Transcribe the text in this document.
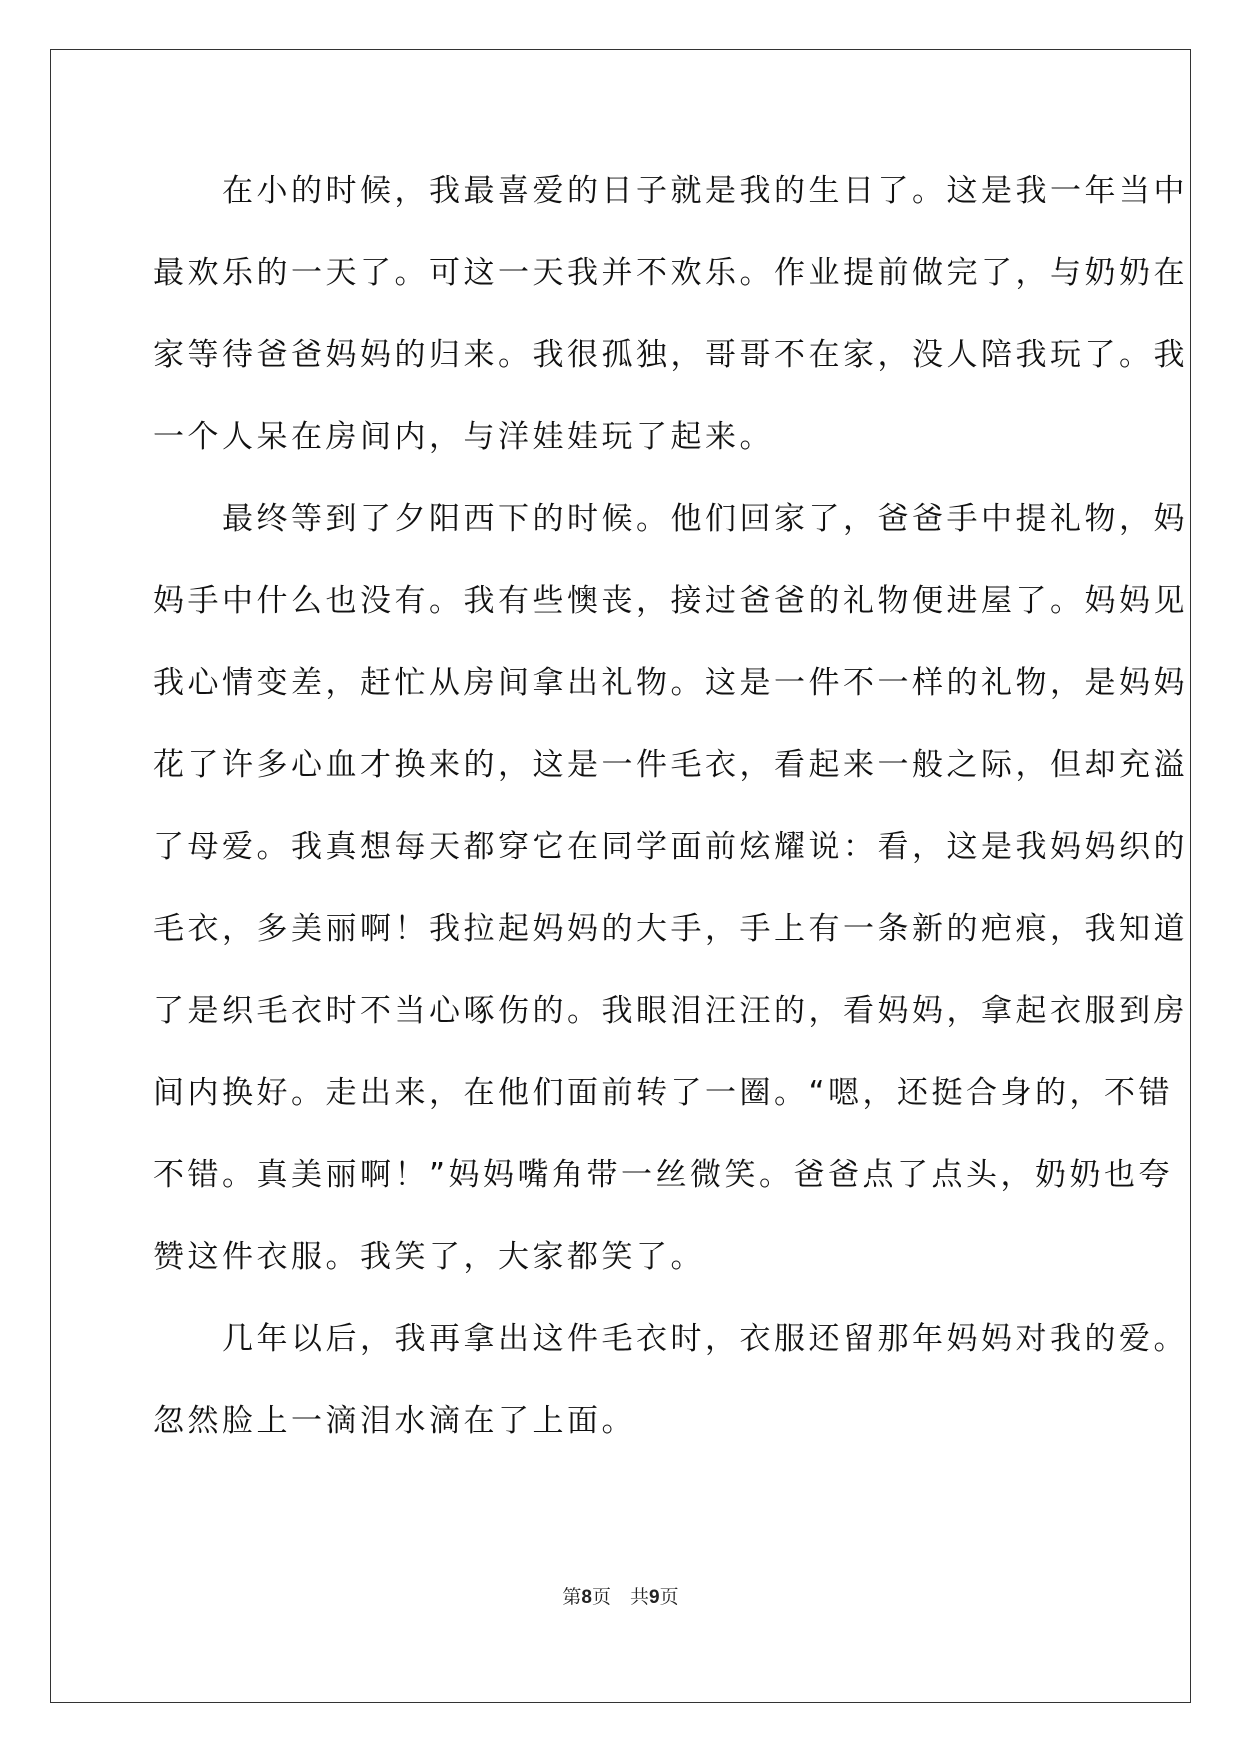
　　在小的时候，我最喜爱的日子就是我的生日了。这是我一年当中
最欢乐的一天了。可这一天我并不欢乐。作业提前做完了，与奶奶在
家等待爸爸妈妈的归来。我很孤独，哥哥不在家，没人陪我玩了。我
一个人呆在房间内，与洋娃娃玩了起来。
　　最终等到了夕阳西下的时候。他们回家了，爸爸手中提礼物，妈
妈手中什么也没有。我有些懊丧，接过爸爸的礼物便进屋了。妈妈见
我心情变差，赶忙从房间拿出礼物。这是一件不一样的礼物，是妈妈
花了许多心血才换来的，这是一件毛衣，看起来一般之际，但却充溢
了母爱。我真想每天都穿它在同学面前炫耀说：看，这是我妈妈织的
毛衣，多美丽啊！我拉起妈妈的大手，手上有一条新的疤痕，我知道
了是织毛衣时不当心啄伤的。我眼泪汪汪的，看妈妈，拿起衣服到房
间内换好。走出来，在他们面前转了一圈。“嗯，还挺合身的，不错
不错。真美丽啊！”妈妈嘴角带一丝微笑。爸爸点了点头，奶奶也夸
赞这件衣服。我笑了，大家都笑了。
　　几年以后，我再拿出这件毛衣时，衣服还留那年妈妈对我的爱。
忽然脸上一滴泪水滴在了上面。
第8页　共9页
